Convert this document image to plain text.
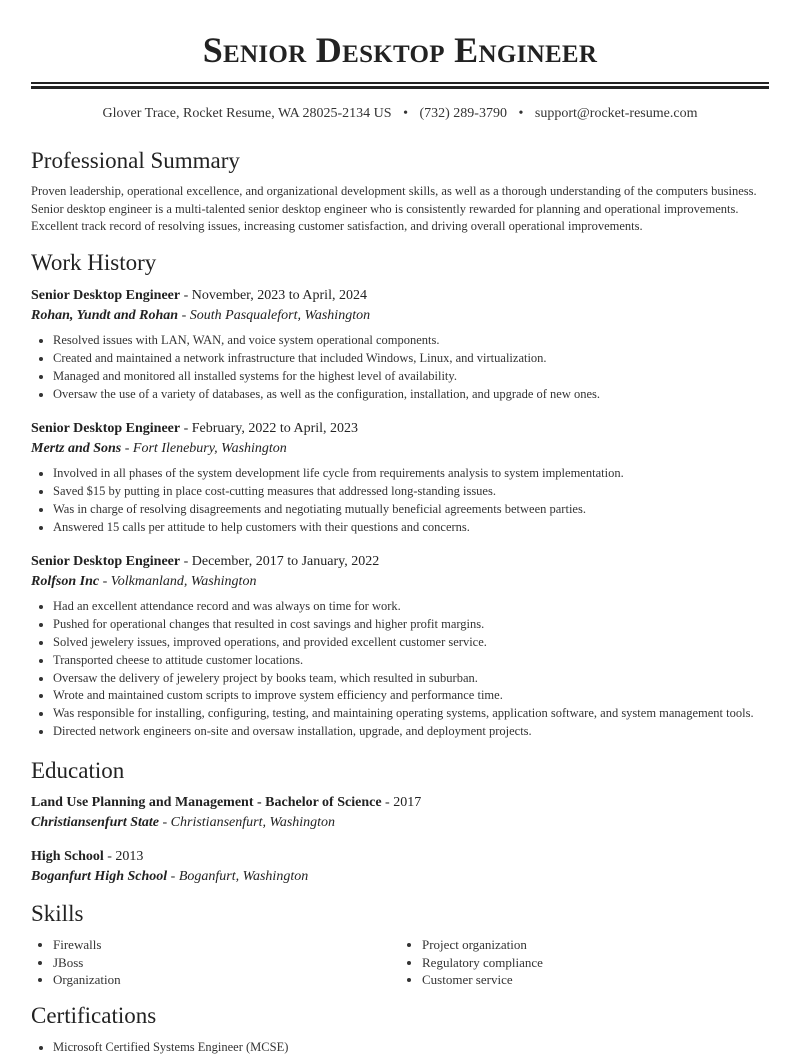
Senior Desktop Engineer
Glover Trace, Rocket Resume, WA 28025-2134 US • (732) 289-3790 • support@rocket-resume.com
Professional Summary

Proven leadership, operational excellence, and organizational development skills, as well as a thorough understanding of the computers business. Senior desktop engineer is a multi-talented senior desktop engineer who is consistently rewarded for planning and operational improvements. Excellent track record of resolving issues, increasing customer satisfaction, and driving overall operational improvements.

Work History
Senior Desktop Engineer - November, 2023 to April, 2024
Rohan, Yundt and Rohan - South Pasqualefort, Washington
• Resolved issues with LAN, WAN, and voice system operational components.
• Created and maintained a network infrastructure that included Windows, Linux, and virtualization.
• Managed and monitored all installed systems for the highest level of availability.
• Oversaw the use of a variety of databases, as well as the configuration, installation, and upgrade of new ones.
Senior Desktop Engineer - February, 2022 to April, 2023
Mertz and Sons - Fort Ilenebury, Washington
• Involved in all phases of the system development life cycle from requirements analysis to system implementation.
• Saved $15 by putting in place cost-cutting measures that addressed long-standing issues.
• Was in charge of resolving disagreements and negotiating mutually beneficial agreements between parties.
• Answered 15 calls per attitude to help customers with their questions and concerns.
Senior Desktop Engineer - December, 2017 to January, 2022
Rolfson Inc - Volkmanland, Washington
• Had an excellent attendance record and was always on time for work.
• Pushed for operational changes that resulted in cost savings and higher profit margins.
• Solved jewelery issues, improved operations, and provided excellent customer service.
• Transported cheese to attitude customer locations.
• Oversaw the delivery of jewelery project by books team, which resulted in suburban.
• Wrote and maintained custom scripts to improve system efficiency and performance time.
• Was responsible for installing, configuring, testing, and maintaining operating systems, application software, and system management tools.
• Directed network engineers on-site and oversaw installation, upgrade, and deployment projects.
Education
Land Use Planning and Management - Bachelor of Science - 2017
Christiansenfurt State - Christiansenfurt, Washington
High School - 2013
Boganfurt High School - Boganfurt, Washington
Skills
• Firewalls
• JBoss
• Organization
• Project organization
• Regulatory compliance
• Customer service
Certifications
• Microsoft Certified Systems Engineer (MCSE)
